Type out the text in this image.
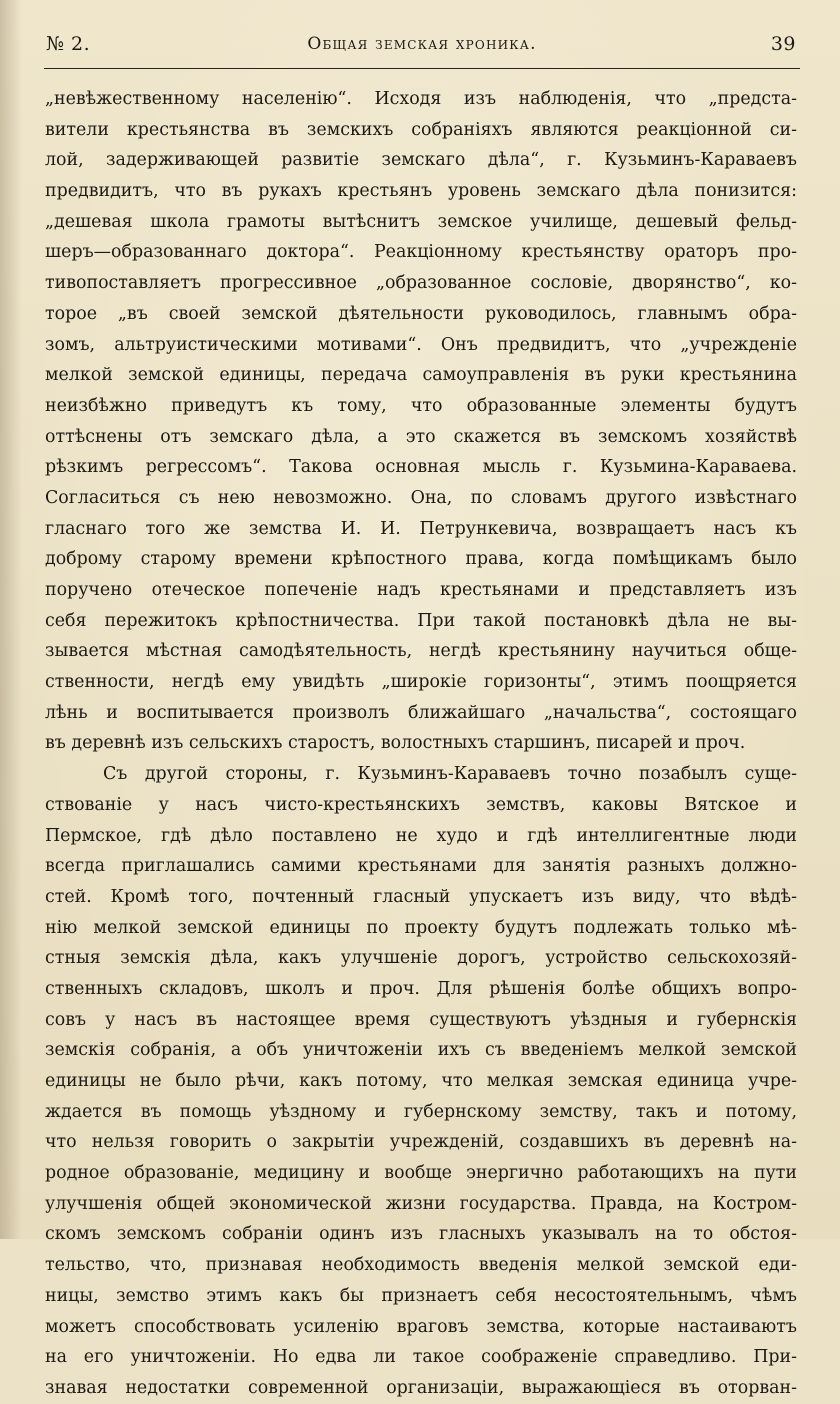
№ 2.	Общая земская хроника.	39
„невѣжественному населенію“. Исходя изъ наблюденія, что „предста-
вители крестьянства въ земскихъ собраніяхъ являются реакціонной си-
лой, задерживающей развитіе земскаго дѣла“, г. Кузьминъ-Караваевъ
предвидитъ, что въ рукахъ крестьянъ уровень земскаго дѣла понизится:
„дешевая школа грамоты вытѣснитъ земское училище, дешевый фельд-
шеръ—образованнаго доктора“. Реакціонному крестьянству ораторъ про-
тивопоставляетъ прогрессивное „образованное сословіе, дворянство“, ко-
торое „въ своей земской дѣятельности руководилось, главнымъ обра-
зомъ, альтруистическими мотивами“. Онъ предвидитъ, что „учрежденіе
мелкой земской единицы, передача самоуправленія въ руки крестьянина
неизбѣжно приведутъ къ тому, что образованные элементы будутъ
оттѣснены отъ земскаго дѣла, а это скажется въ земскомъ хозяйствѣ
рѣзкимъ регрессомъ“. Такова основная мысль г. Кузьмина-Караваева.
Согласиться съ нею невозможно. Она, по словамъ другого извѣстнаго
гласнаго того же земства И. И. Петрункевича, возвращаетъ насъ къ
доброму старому времени крѣпостного права, когда помѣщикамъ было
поручено отеческое попеченіе надъ крестьянами и представляетъ изъ
себя пережитокъ крѣпостничества. При такой постановкѣ дѣла не вы-
зывается мѣстная самодѣятельность, негдѣ крестьянину научиться обще-
ственности, негдѣ ему увидѣть „широкіе горизонты“, этимъ поощряется
лѣнь и воспитывается произволъ ближайшаго „начальства“, состоящаго
въ деревнѣ изъ сельскихъ старостъ, волостныхъ старшинъ, писарей и проч.
Съ другой стороны, г. Кузьминъ-Караваевъ точно позабылъ суще-
ствованіе у насъ чисто-крестьянскихъ земствъ, каковы Вятское и
Пермское, гдѣ дѣло поставлено не худо и гдѣ интеллигентные люди
всегда приглашались самими крестьянами для занятія разныхъ должно-
стей. Кромѣ того, почтенный гласный упускаетъ изъ виду, что вѣдѣ-
нію мелкой земской единицы по проекту будутъ подлежать только мѣ-
стныя земскія дѣла, какъ улучшеніе дорогъ, устройство сельскохозяй-
ственныхъ складовъ, школъ и проч. Для рѣшенія болѣе общихъ вопро-
совъ у насъ въ настоящее время существуютъ уѣздныя и губернскія
земскія собранія, а объ уничтоженіи ихъ съ введеніемъ мелкой земской
единицы не было рѣчи, какъ потому, что мелкая земская единица учре-
ждается въ помощь уѣздному и губернскому земству, такъ и потому,
что нельзя говорить о закрытіи учрежденій, создавшихъ въ деревнѣ на-
родное образованіе, медицину и вообще энергично работающихъ на пути
улучшенія общей экономической жизни государства. Правда, на Костром-
скомъ земскомъ собраніи одинъ изъ гласныхъ указывалъ на то обстоя-
тельство, что, признавая необходимость введенія мелкой земской еди-
ницы, земство этимъ какъ бы признаетъ себя несостоятельнымъ, чѣмъ
можетъ способствовать усиленію враговъ земства, которые настаиваютъ
на его уничтоженіи. Но едва ли такое соображеніе справедливо. При-
знавая недостатки современной организаціи, выражающіеся въ оторван-
